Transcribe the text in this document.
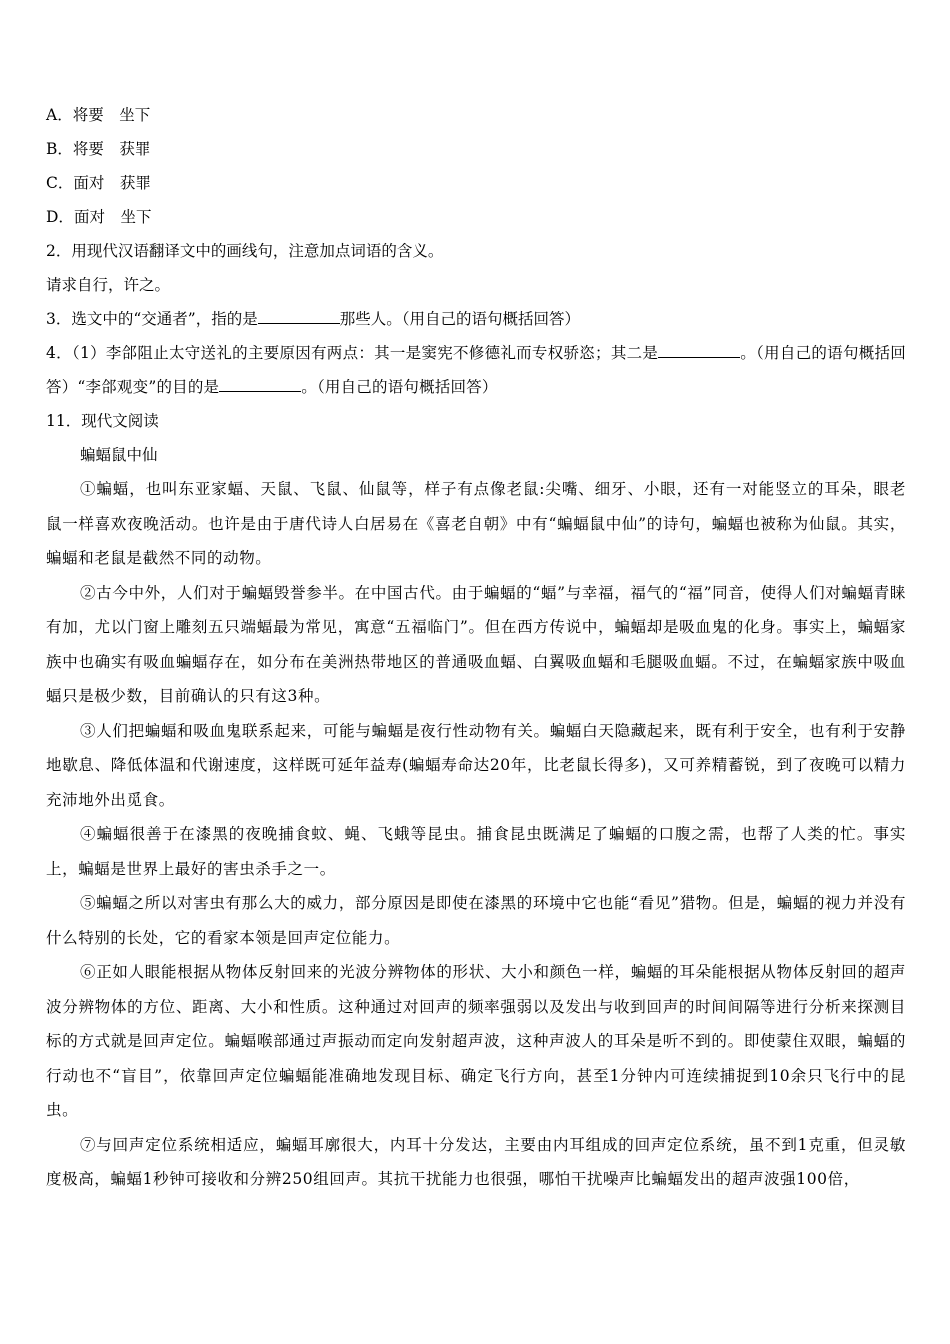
A．将要　坐下

B．将要　获罪

C．面对　获罪

D．面对　坐下

2．用现代汉语翻译文中的画线句，注意加点词语的含义。

请求自行，许之。

3．选文中的“交通者”，指的是	那些人。（用自己的语句概括回答）

4．（1）李郃阻止太守送礼的主要原因有两点：其一是窦宪不修德礼而专权骄恣；其二是	。（用自己的语句概括回答）“李郃观变”的目的是	。（用自己的语句概括回答）

11．现代文阅读

蝙蝠鼠中仙

①蝙蝠，也叫东亚家蝠、天鼠、飞鼠、仙鼠等，样子有点像老鼠:尖嘴、细牙、小眼，还有一对能竖立的耳朵，眼老鼠一样喜欢夜晚活动。也许是由于唐代诗人白居易在《喜老自朝》中有“蝙蝠鼠中仙”的诗句，蝙蝠也被称为仙鼠。其实，蝙蝠和老鼠是截然不同的动物。

②古今中外，人们对于蝙蝠毁誉参半。在中国古代。由于蝙蝠的“蝠”与幸福，福气的“福”同音，使得人们对蝙蝠青睐有加，尤以门窗上雕刻五只端蝠最为常见，寓意“五福临门”。但在西方传说中，蝙蝠却是吸血鬼的化身。事实上，蝙蝠家族中也确实有吸血蝙蝠存在，如分布在美洲热带地区的普通吸血蝠、白翼吸血蝠和毛腿吸血蝠。不过，在蝙蝠家族中吸血蝠只是极少数，目前确认的只有这3种。

③人们把蝙蝠和吸血鬼联系起来，可能与蝙蝠是夜行性动物有关。蝙蝠白天隐藏起来，既有利于安全，也有利于安静地歇息、降低体温和代谢速度，这样既可延年益寿(蝙蝠寿命达20年，比老鼠长得多)，又可养精蓄锐，到了夜晚可以精力充沛地外出觅食。

④蝙蝠很善于在漆黑的夜晚捕食蚊、蝇、飞蛾等昆虫。捕食昆虫既满足了蝙蝠的口腹之需，也帮了人类的忙。事实上，蝙蝠是世界上最好的害虫杀手之一。

⑤蝙蝠之所以对害虫有那么大的威力，部分原因是即使在漆黑的环境中它也能“看见”猎物。但是，蝙蝠的视力并没有什么特别的长处，它的看家本领是回声定位能力。

⑥正如人眼能根据从物体反射回来的光波分辨物体的形状、大小和颜色一样，蝙蝠的耳朵能根据从物体反射回的超声波分辨物体的方位、距离、大小和性质。这种通过对回声的频率强弱以及发出与收到回声的时间间隔等进行分析来探测目标的方式就是回声定位。蝙蝠喉部通过声振动而定向发射超声波，这种声波人的耳朵是听不到的。即使蒙住双眼，蝙蝠的行动也不“盲目”，依靠回声定位蝙蝠能准确地发现目标、确定飞行方向，甚至1分钟内可连续捕捉到10余只飞行中的昆虫。

⑦与回声定位系统相适应，蝙蝠耳廓很大，内耳十分发达，主要由内耳组成的回声定位系统，虽不到1克重，但灵敏度极高，蝙蝠1秒钟可接收和分辨250组回声。其抗干扰能力也很强，哪怕干扰噪声比蝙蝠发出的超声波强100倍，
